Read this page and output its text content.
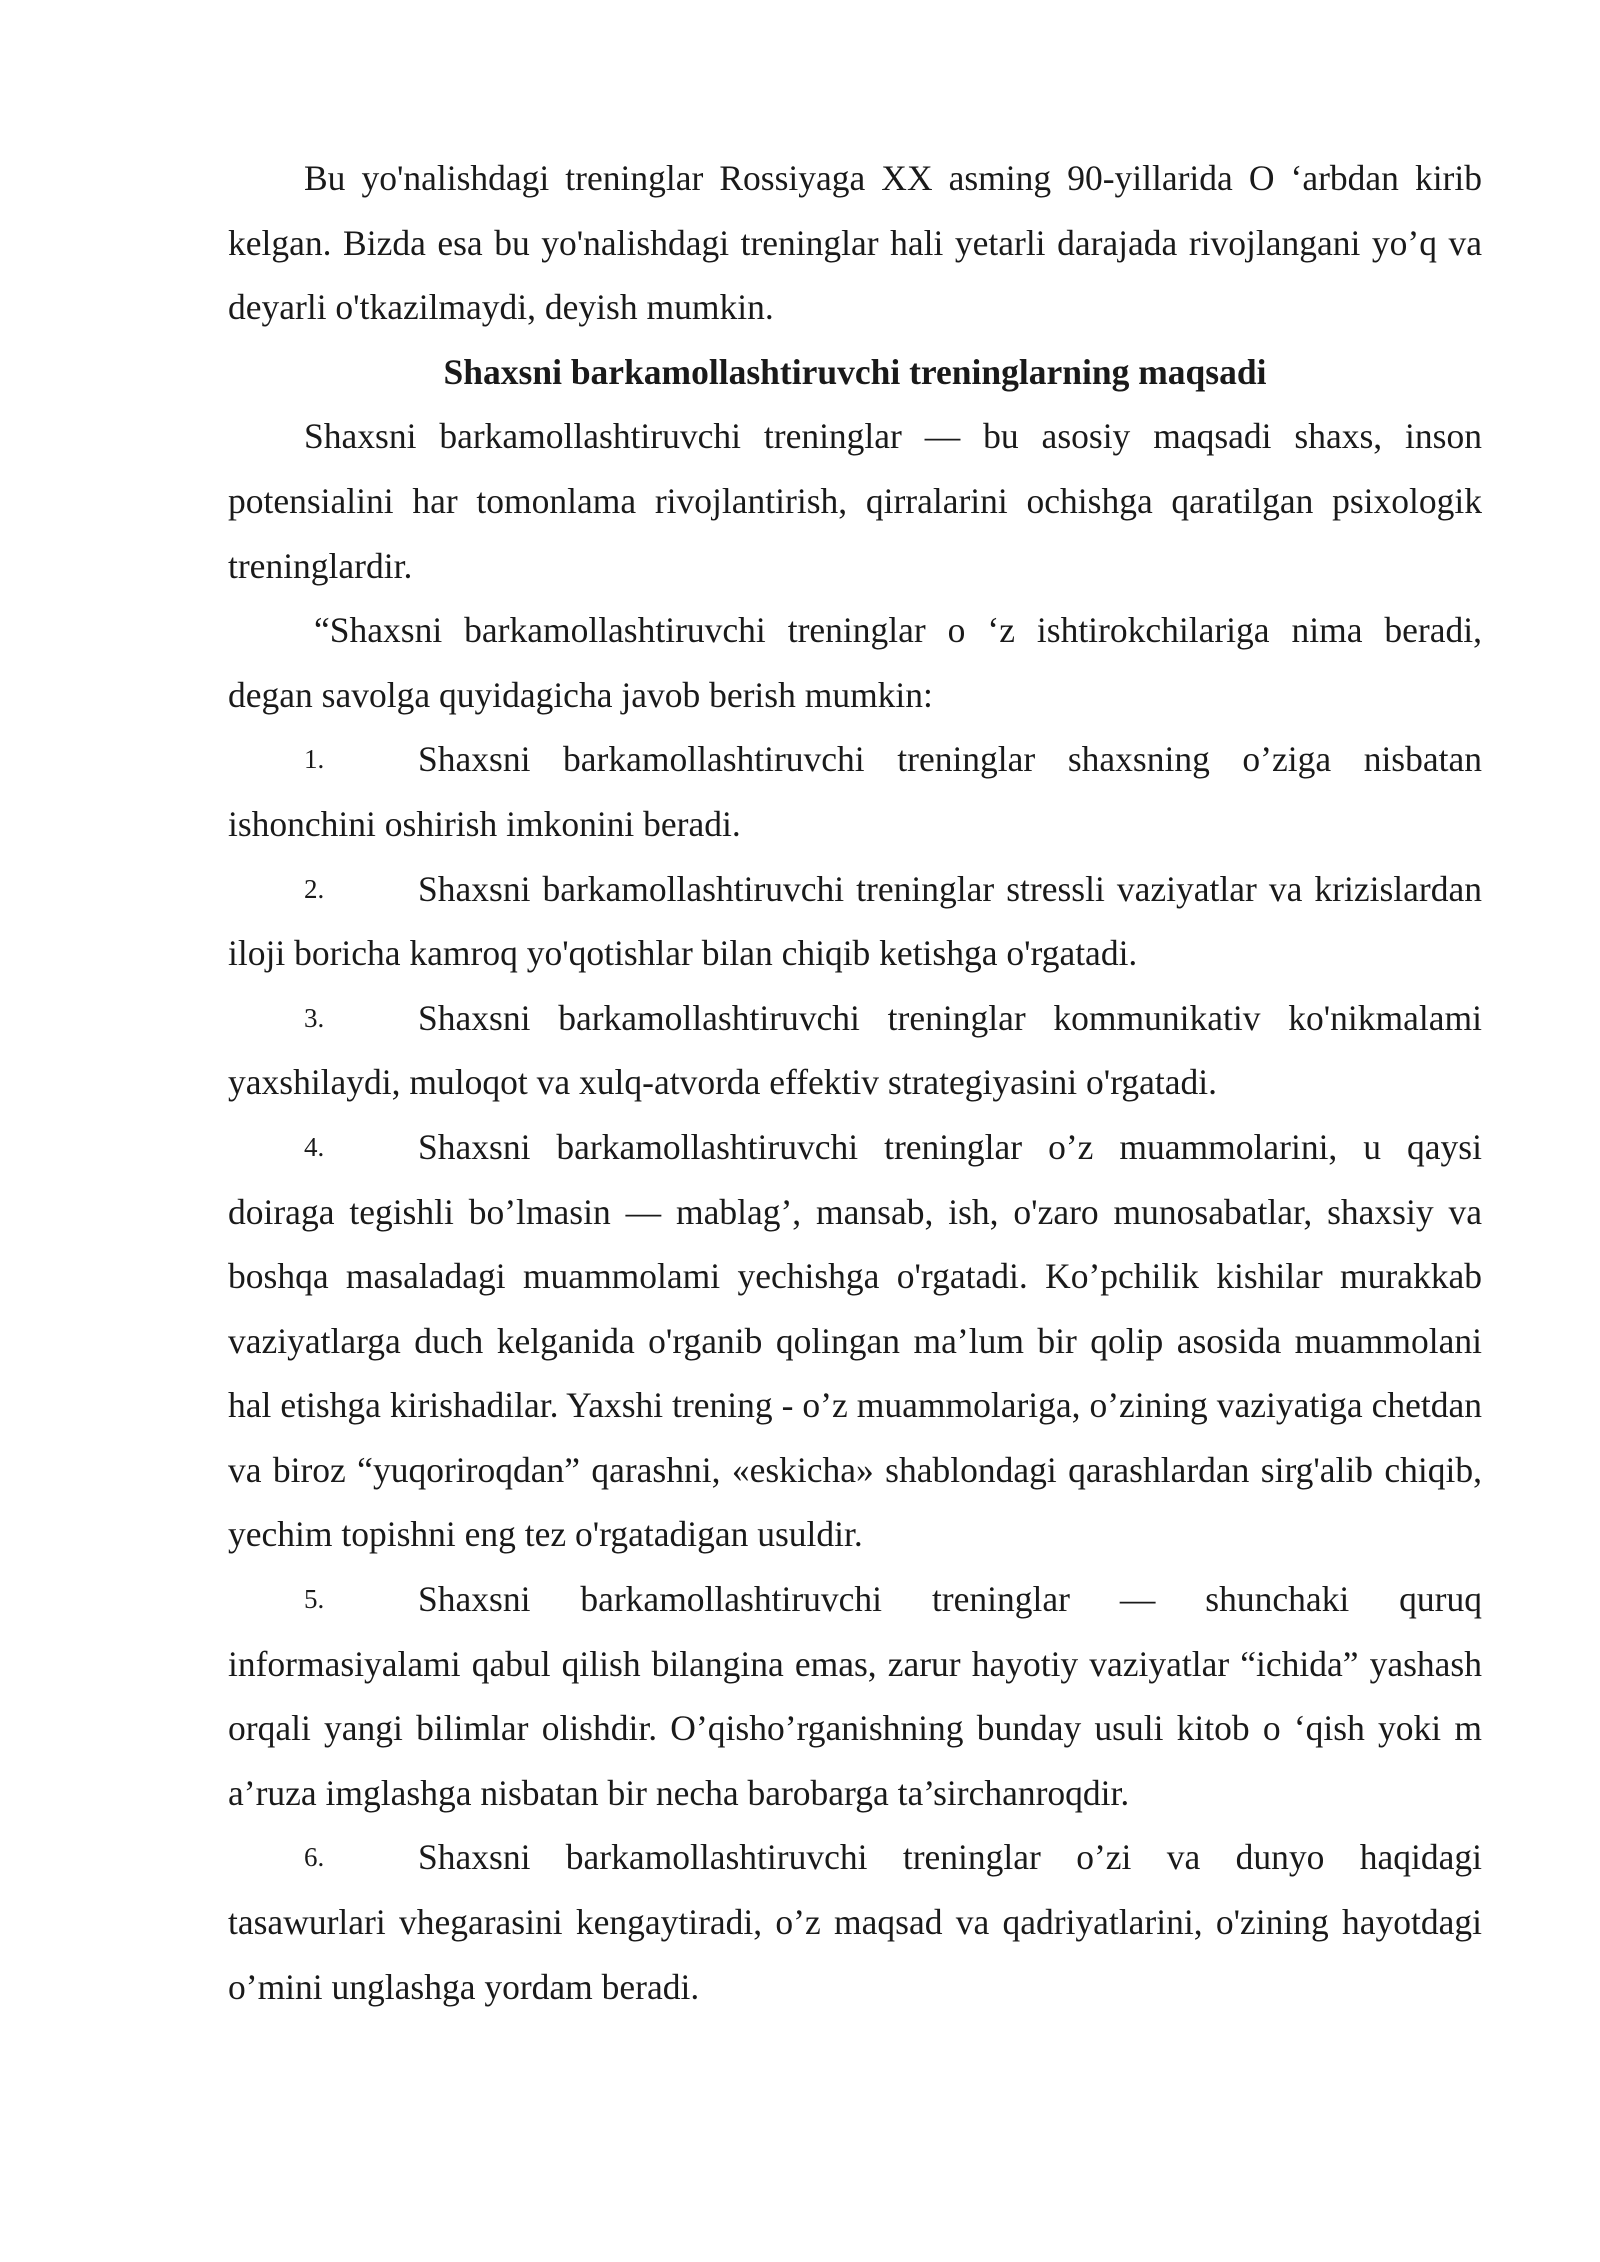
Bu yo'nalishdagi treninglar Rossiyaga XX asming 90-yillarida O ‘arbdan kirib kelgan. Bizda esa bu yo'nalishdagi treninglar hali yetarli darajada rivojlangani yo’q va deyarli o'tkazilmaydi, deyish mumkin.

Shaxsni barkamollashtiruvchi treninglarning maqsadi

Shaxsni barkamollashtiruvchi treninglar — bu asosiy maqsadi shaxs, inson potensialini har tomonlama rivojlantirish, qirralarini ochishga qaratilgan psixologik treninglardir.

“Shaxsni barkamollashtiruvchi treninglar o ‘z ishtirokchilariga nima beradi, degan savolga quyidagicha javob berish mumkin:

1.	Shaxsni barkamollashtiruvchi treninglar shaxsning o’ziga nisbatan ishonchini oshirish imkonini beradi.

2.	Shaxsni barkamollashtiruvchi treninglar stressli vaziyatlar va krizislardan iloji boricha kamroq yo'qotishlar bilan chiqib ketishga o'rgatadi.

3.	Shaxsni barkamollashtiruvchi treninglar kommunikativ ko'nikmalami yaxshilaydi, muloqot va xulq-atvorda effektiv strategiyasini o'rgatadi.

4.	Shaxsni barkamollashtiruvchi treninglar o’z muammolarini, u qaysi doiraga tegishli bo’lmasin — mablag’, mansab, ish, o'zaro munosabatlar, shaxsiy va boshqa masaladagi muammolami yechishga o'rgatadi. Ko’pchilik kishilar murakkab vaziyatlarga duch kelganida o'rganib qolingan ma’lum bir qolip asosida muammolani hal etishga kirishadilar. Yaxshi trening - o’z muammolariga, o’zining vaziyatiga chetdan va biroz “yuqoriroqdan” qarashni, «eskicha» shablondagi qarashlardan sirg'alib chiqib, yechim topishni eng tez o'rgatadigan usuldir.

5.	Shaxsni barkamollashtiruvchi treninglar — shunchaki quruq informasiyalami qabul qilish bilangina emas, zarur hayotiy vaziyatlar “ichida” yashash orqali yangi bilimlar olishdir. O’qisho’rganishning bunday usuli kitob o ‘qish yoki m a’ruza imglashga nisbatan bir necha barobarga ta’sirchanroqdir.

6.	Shaxsni barkamollashtiruvchi treninglar o’zi va dunyo haqidagi tasawurlari vhegarasini kengaytiradi, o’z maqsad va qadriyatlarini, o'zining hayotdagi o’mini unglashga yordam beradi.
